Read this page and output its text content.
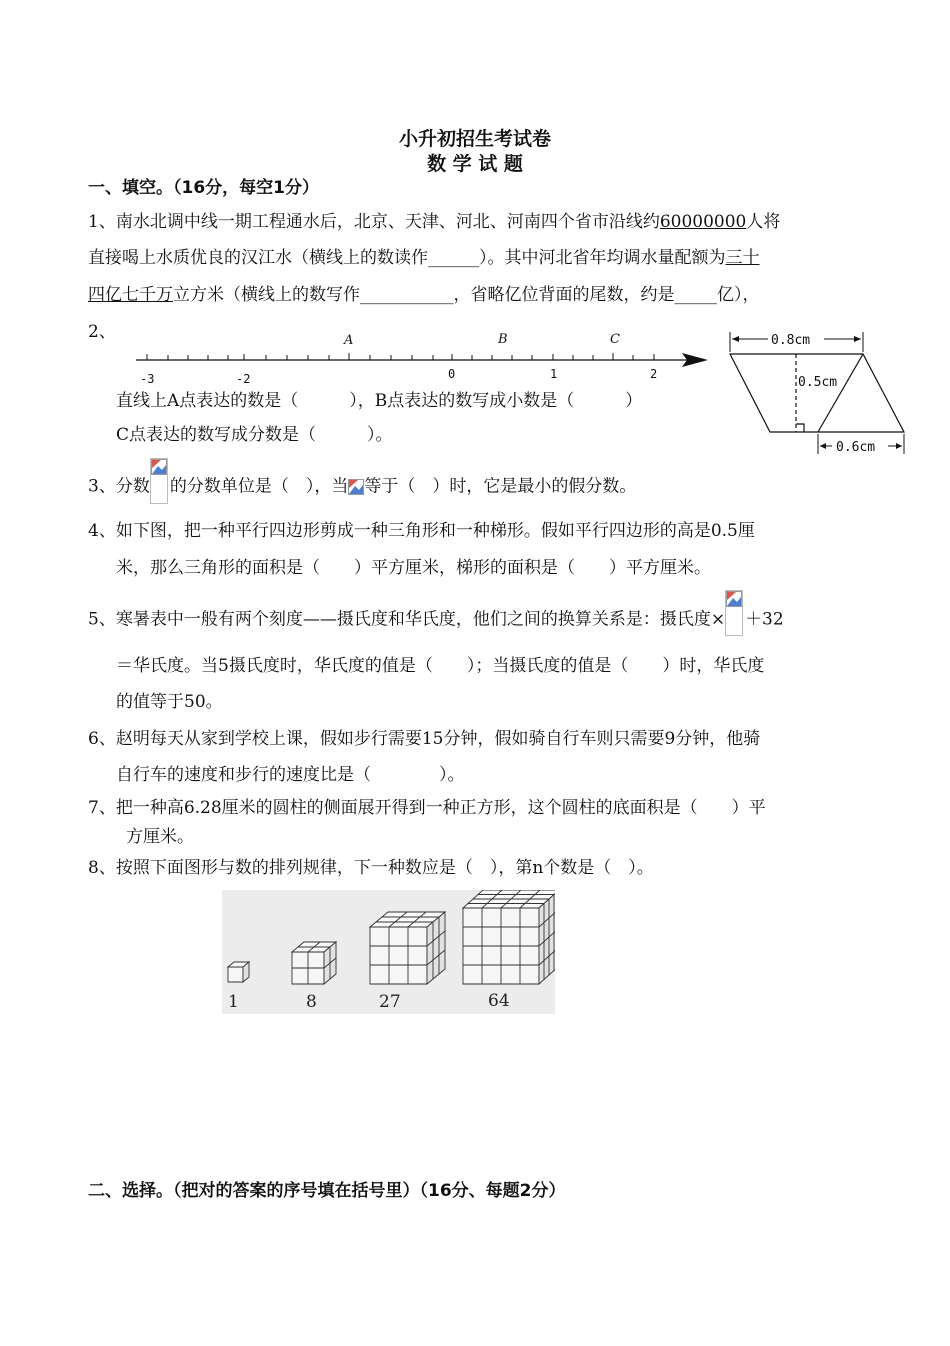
小升初招生考试卷
数 学 试 题
一、填空。（16分，每空1分）
1、南水北调中线一期工程通水后，北京、天津、河北、河南四个省市沿线约60000000人将
直接喝上水质优良的汉江水（横线上的数读作______）。其中河北省年均调水量配额为三十
四亿七千万立方米（横线上的数写作___________，省略亿位背面的尾数，约是_____亿），
2、
-3	-2	0	1	2
A	B	C
直线上A点表达的数是（　　　），B点表达的数写成小数是（　　　）
C点表达的数写成分数是（　　　）。
0.8cm
0.5cm
0.6cm
3、分数 的分数单位是（　），当 等于（　）时，它是最小的假分数。
4、如下图，把一种平行四边形剪成一种三角形和一种梯形。假如平行四边形的高是0.5厘
米，那么三角形的面积是（　　）平方厘米，梯形的面积是（　　）平方厘米。
5、寒暑表中一般有两个刻度——摄氏度和华氏度，他们之间的换算关系是：摄氏度× ＋32
＝华氏度。当5摄氏度时，华氏度的值是（　　）；当摄氏度的值是（　　）时，华氏度
的值等于50。
6、赵明每天从家到学校上课，假如步行需要15分钟，假如骑自行车则只需要9分钟，他骑
自行车的速度和步行的速度比是（　　　　）。
7、把一种高6.28厘米的圆柱的侧面展开得到一种正方形，这个圆柱的底面积是（　　）平
方厘米。
8、按照下面图形与数的排列规律，下一种数应是（　），第n个数是（　）。
1	8	27	64
二、选择。（把对的答案的序号填在括号里）（16分、每题2分）
